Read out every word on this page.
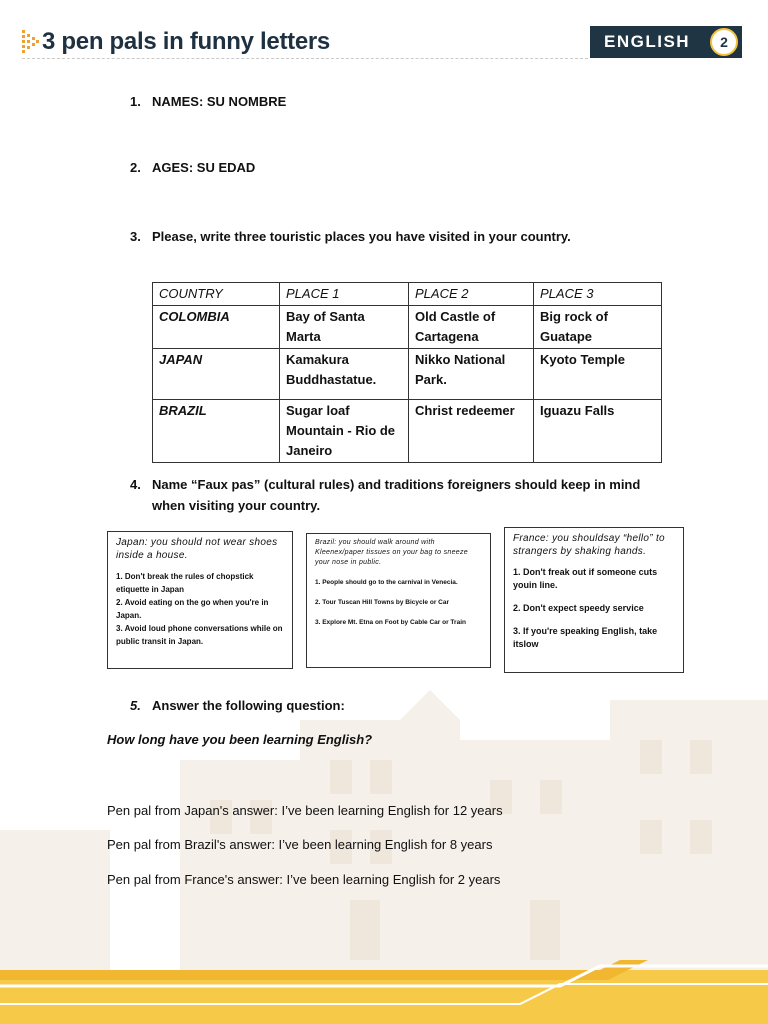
3 pen pals in funny letters	ENGLISH	2
1. NAMES: SU NOMBRE
2. AGES: SU EDAD
3. Please, write three touristic places you have visited in your country.
COUNTRY	PLACE 1	PLACE 2	PLACE 3
COLOMBIA	Bay of Santa Marta	Old Castle of Cartagena	Big rock of Guatape
JAPAN	Kamakura Buddhastatue.	Nikko National Park.	Kyoto Temple
BRAZIL	Sugar loaf Mountain - Rio de Janeiro	Christ redeemer	Iguazu Falls
4. Name “Faux pas” (cultural rules) and traditions foreigners should keep in mind when visiting your country.
Japan: you should not wear shoes inside a house.
1. Don't break the rules of chopstick etiquette in Japan
2. Avoid eating on the go when you're in Japan.
3. Avoid loud phone conversations while on public transit in Japan.
Brazil: you should walk around with Kleenex/paper tissues on your bag to sneeze your nose in public.
1. People should go to the carnival in Venecia.
2. Tour Tuscan Hill Towns by Bicycle or Car
3. Explore Mt. Etna on Foot by Cable Car or Train
France: you shouldsay “hello” to strangers by shaking hands.
1. Don't freak out if someone cuts youin line.
2. Don't expect speedy service
3. If you're speaking English, take itslow
5. Answer the following question:
How long have you been learning English?
Pen pal from Japan's answer: I’ve been learning English for 12 years
Pen pal from Brazil's answer: I’ve been learning English for 8 years
Pen pal from France's answer: I’ve been learning English for 2 years
